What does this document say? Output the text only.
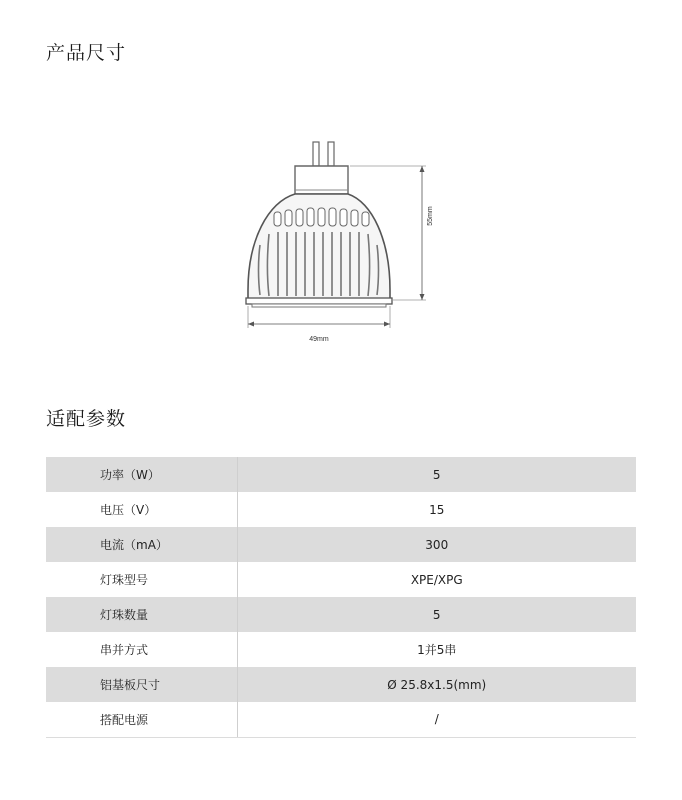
产品尺寸
55mm
49mm
适配参数
功率（W）	5
电压（V）	15
电流（mA）	300
灯珠型号	XPE/XPG
灯珠数量	5
串并方式	1并5串
铝基板尺寸	Ø 25.8x1.5(mm)
搭配电源	/
